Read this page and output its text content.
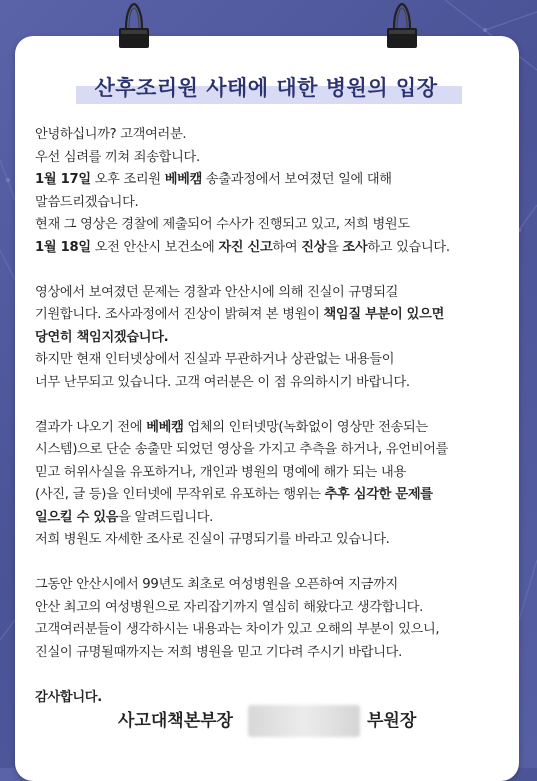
산후조리원 사태에 대한 병원의 입장
안녕하십니까? 고객여러분.
우선 심려를 끼쳐 죄송합니다.
1월 17일 오후 조리원 베베캠 송출과정에서 보여졌던 일에 대해
말씀드리겠습니다.
현재 그 영상은 경찰에 제출되어 수사가 진행되고 있고, 저희 병원도
1월 18일 오전 안산시 보건소에 자진 신고하여 진상을 조사하고 있습니다.
영상에서 보여졌던 문제는 경찰과 안산시에 의해 진실이 규명되길
기원합니다. 조사과정에서 진상이 밝혀져 본 병원이 책임질 부분이 있으면
당연히 책임지겠습니다.
하지만 현재 인터넷상에서 진실과 무관하거나 상관없는 내용들이
너무 난무되고 있습니다. 고객 여러분은 이 점 유의하시기 바랍니다.
결과가 나오기 전에 베베캠 업체의 인터넷망(녹화없이 영상만 전송되는
시스템)으로 단순 송출만 되었던 영상을 가지고 추측을 하거나, 유언비어를
믿고 허위사실을 유포하거나, 개인과 병원의 명예에 해가 되는 내용
(사진, 글 등)을 인터넷에 무작위로 유포하는 행위는 추후 심각한 문제를
일으킬 수 있음을 알려드립니다.
저희 병원도 자세한 조사로 진실이 규명되기를 바라고 있습니다.
그동안 안산시에서 99년도 최초로 여성병원을 오픈하여 지금까지
안산 최고의 여성병원으로 자리잡기까지 열심히 해왔다고 생각합니다.
고객여러분들이 생각하시는 내용과는 차이가 있고 오해의 부분이 있으니,
진실이 규명될때까지는 저희 병원을 믿고 기다려 주시기 바랍니다.
감사합니다.
사고대책본부장	부원장
